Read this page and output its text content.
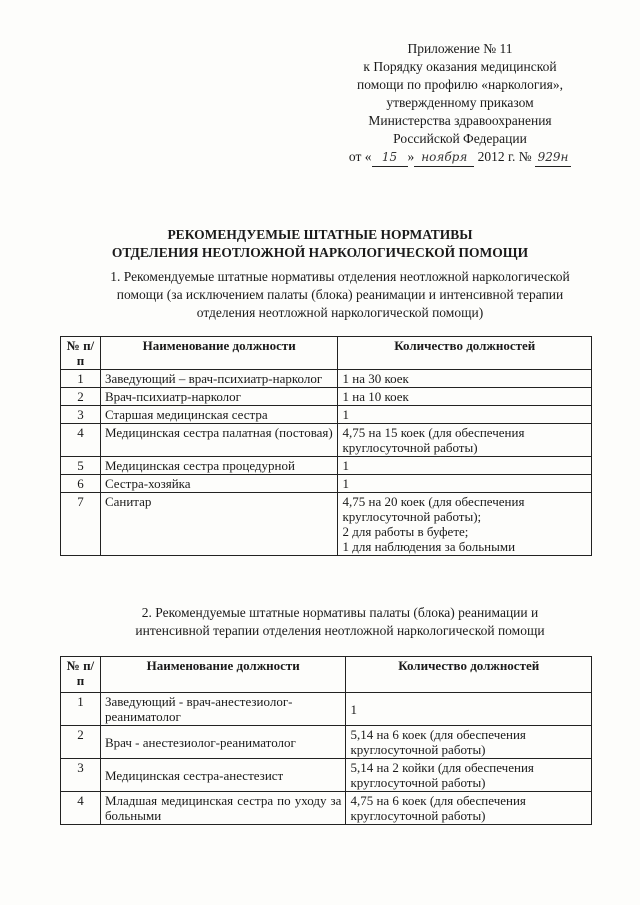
Приложение № 11
к Порядку оказания медицинской
помощи по профилю «наркология»,
утвержденному приказом
Министерства здравоохранения
Российской Федерации
от « 15 » ноября 2012 г. № 929н
РЕКОМЕНДУЕМЫЕ ШТАТНЫЕ НОРМАТИВЫ
ОТДЕЛЕНИЯ НЕОТЛОЖНОЙ НАРКОЛОГИЧЕСКОЙ ПОМОЩИ
1. Рекомендуемые штатные нормативы отделения неотложной наркологической
помощи (за исключением палаты (блока) реанимации и интенсивной терапии
отделения неотложной наркологической помощи)
№ п/п	Наименование должности	Количество должностей
1	Заведующий – врач-психиатр-нарколог	1 на 30 коек
2	Врач-психиатр-нарколог	1 на 10 коек
3	Старшая медицинская сестра	1
4	Медицинская сестра палатная (постовая)	4,75 на 15 коек (для обеспечения круглосуточной работы)
5	Медицинская сестра процедурной	1
6	Сестра-хозяйка	1
7	Санитар	4,75 на 20 коек (для обеспечения круглосуточной работы);
2 для работы в буфете;
1 для наблюдения за больными
2. Рекомендуемые штатные нормативы палаты (блока) реанимации и
интенсивной терапии отделения неотложной наркологической помощи
№ п/п	Наименование должности	Количество должностей
1	Заведующий - врач-анестезиолог-реаниматолог	1
2	Врач - анестезиолог-реаниматолог	5,14 на 6 коек (для обеспечения круглосуточной работы)
3	Медицинская сестра-анестезист	5,14 на 2 койки (для обеспечения круглосуточной работы)
4	Младшая медицинская сестра по уходу за больными	4,75 на 6 коек (для обеспечения круглосуточной работы)
